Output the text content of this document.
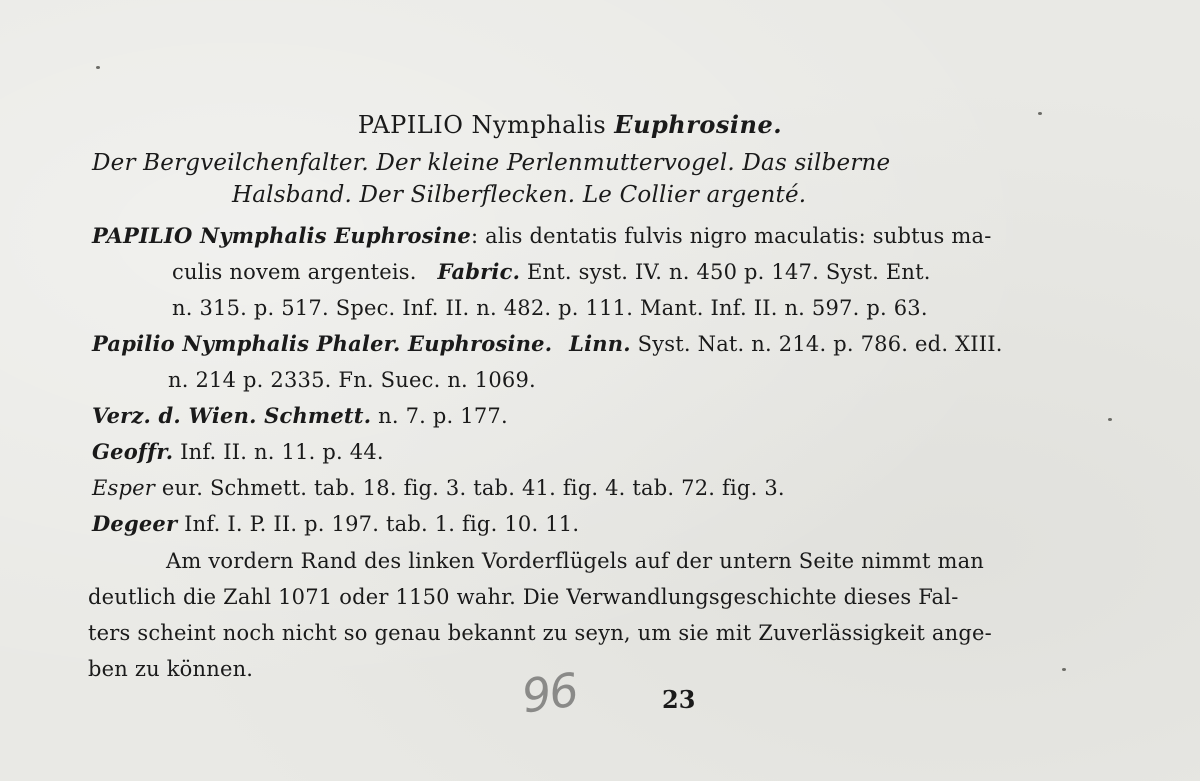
PAPILIO Nymphalis Euphrosine.
Der Bergveilchenfalter. Der kleine Perlenmuttervogel. Das silberne
Halsband. Der Silberflecken. Le Collier argenté.
PAPILIO Nymphalis Euphrosine: alis dentatis fulvis nigro maculatis: subtus ma-
culis novem argenteis. Fabric. Ent. syst. IV. n. 450 p. 147. Syst. Ent.
n. 315. p. 517. Spec. Inf. II. n. 482. p. 111. Mant. Inf. II. n. 597. p. 63.
Papilio Nymphalis Phaler. Euphrosine. Linn. Syst. Nat. n. 214. p. 786. ed. XIII.
n. 214 p. 2335. Fn. Suec. n. 1069.
Verz. d. Wien. Schmett. n. 7. p. 177.
Geoffr. Inf. II. n. 11. p. 44.
Esper eur. Schmett. tab. 18. fig. 3. tab. 41. fig. 4. tab. 72. fig. 3.
Degeer Inf. I. P. II. p. 197. tab. 1. fig. 10. 11.
Am vordern Rand des linken Vorderflügels auf der untern Seite nimmt man
deutlich die Zahl 1071 oder 1150 wahr. Die Verwandlungsgeschichte dieses Fal-
ters scheint noch nicht so genau bekannt zu seyn, um sie mit Zuverlässigkeit ange-
ben zu können.	96	23
